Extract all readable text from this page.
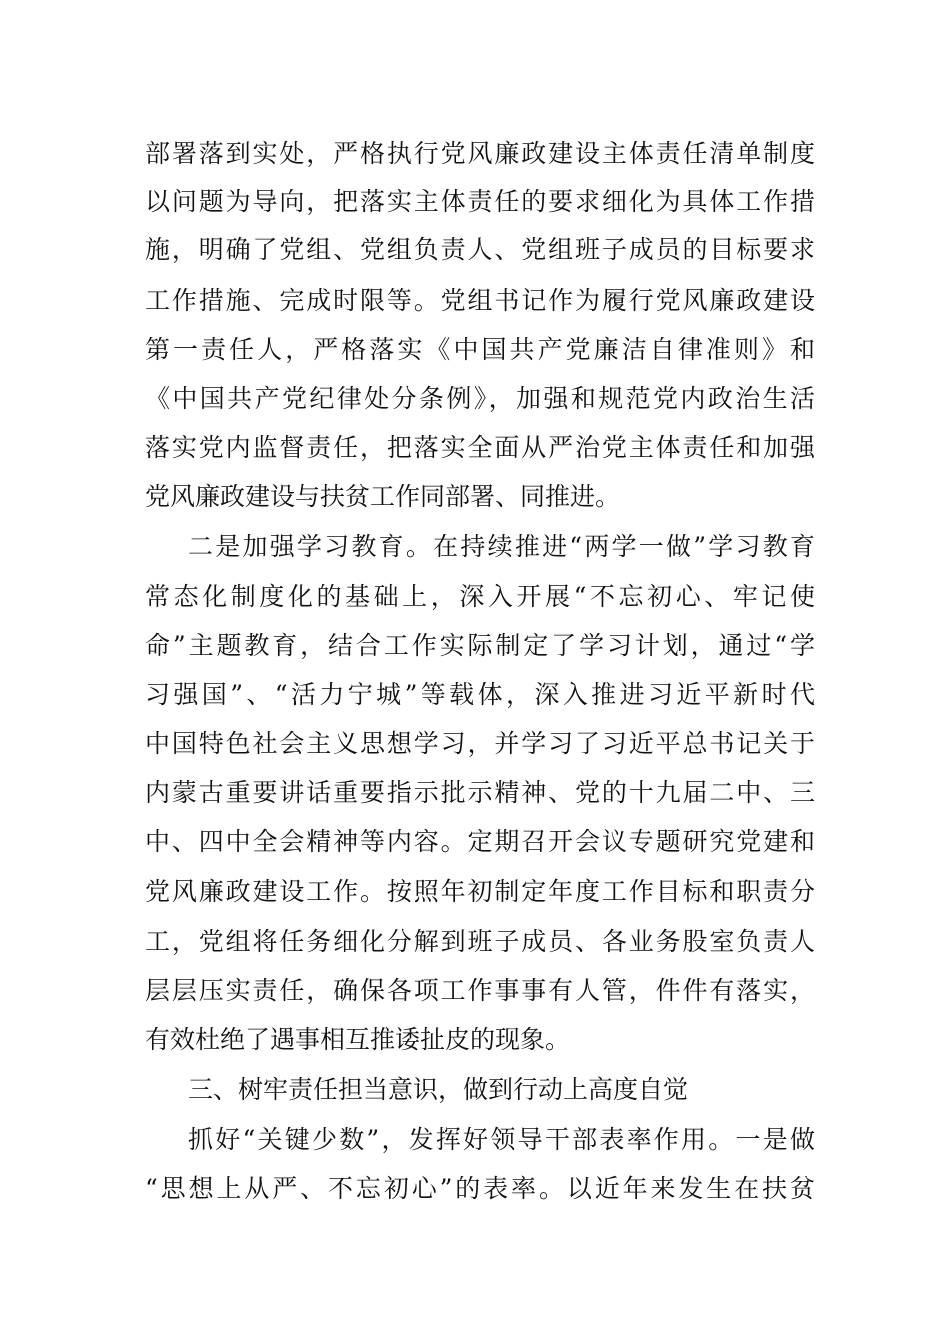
部署落到实处，严格执行党风廉政建设主体责任清单制度
以问题为导向，把落实主体责任的要求细化为具体工作措
施，明确了党组、党组负责人、党组班子成员的目标要求
工作措施、完成时限等。党组书记作为履行党风廉政建设
第一责任人，严格落实《中国共产党廉洁自律准则》和
《中国共产党纪律处分条例》，加强和规范党内政治生活
落实党内监督责任，把落实全面从严治党主体责任和加强
党风廉政建设与扶贫工作同部署、同推进。
二是加强学习教育。在持续推进“两学一做”学习教育
常态化制度化的基础上，深入开展“不忘初心、牢记使
命”主题教育，结合工作实际制定了学习计划，通过“学
习强国”、“活力宁城”等载体，深入推进习近平新时代
中国特色社会主义思想学习，并学习了习近平总书记关于
内蒙古重要讲话重要指示批示精神、党的十九届二中、三
中、四中全会精神等内容。定期召开会议专题研究党建和
党风廉政建设工作。按照年初制定年度工作目标和职责分
工，党组将任务细化分解到班子成员、各业务股室负责人
层层压实责任，确保各项工作事事有人管，件件有落实，
有效杜绝了遇事相互推诿扯皮的现象。
三、树牢责任担当意识，做到行动上高度自觉
抓好“关键少数”，发挥好领导干部表率作用。一是做
“思想上从严、不忘初心”的表率。以近年来发生在扶贫
